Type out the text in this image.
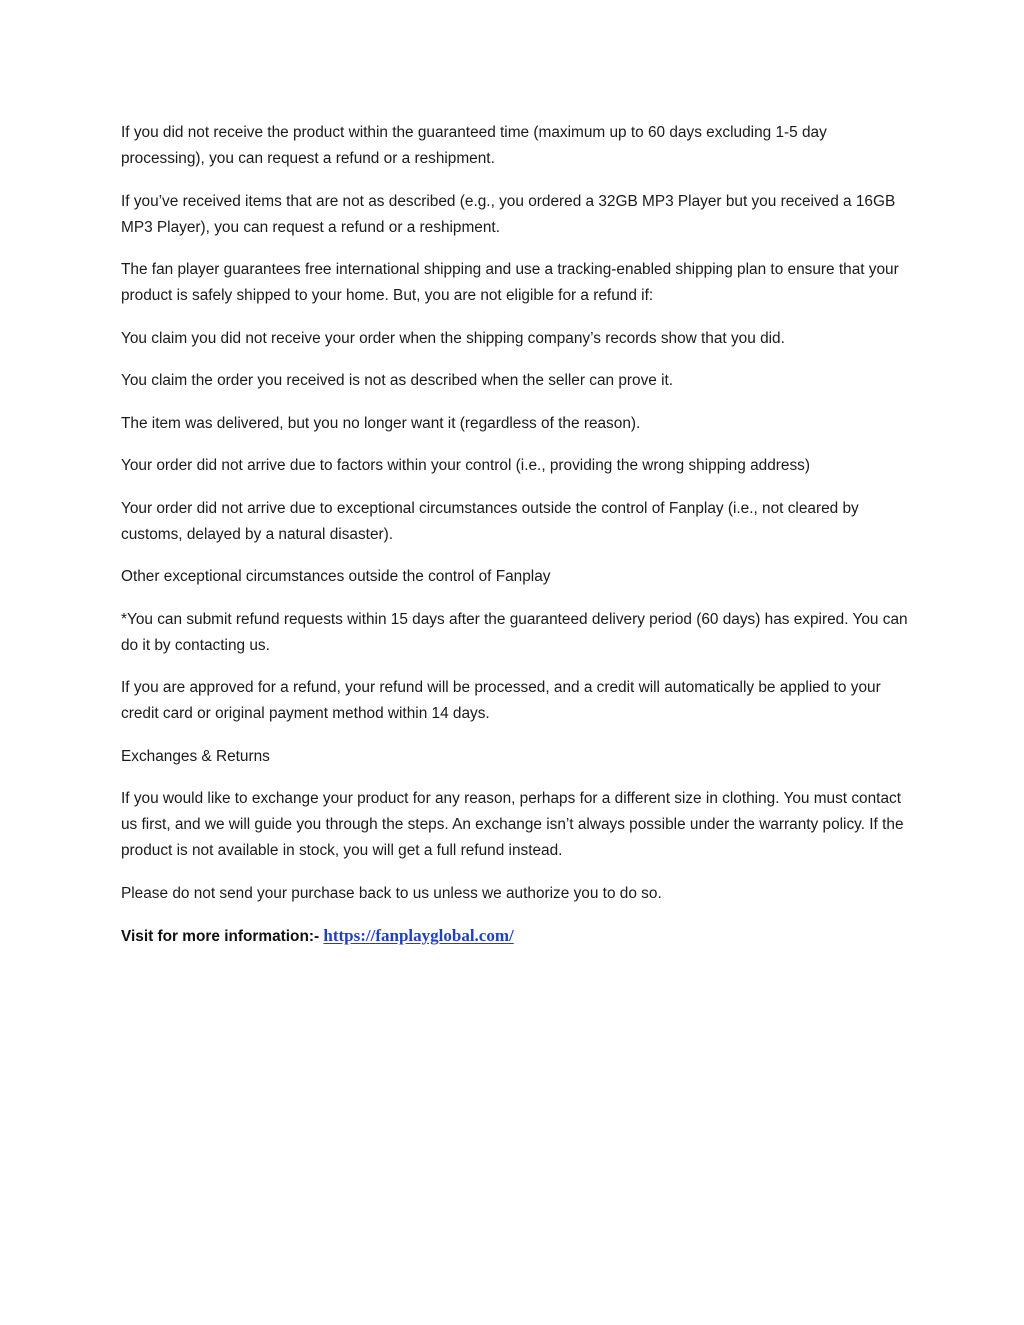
If you did not receive the product within the guaranteed time (maximum up to 60 days excluding 1-5 day processing), you can request a refund or a reshipment.

If you’ve received items that are not as described (e.g., you ordered a 32GB MP3 Player but you received a 16GB MP3 Player), you can request a refund or a reshipment.

The fan player guarantees free international shipping and use a tracking-enabled shipping plan to ensure that your product is safely shipped to your home. But, you are not eligible for a refund if:

You claim you did not receive your order when the shipping company’s records show that you did.

You claim the order you received is not as described when the seller can prove it.

The item was delivered, but you no longer want it (regardless of the reason).

Your order did not arrive due to factors within your control (i.e., providing the wrong shipping address)

Your order did not arrive due to exceptional circumstances outside the control of Fanplay (i.e., not cleared by customs, delayed by a natural disaster).

Other exceptional circumstances outside the control of Fanplay

*You can submit refund requests within 15 days after the guaranteed delivery period (60 days) has expired. You can do it by contacting us.

If you are approved for a refund, your refund will be processed, and a credit will automatically be applied to your credit card or original payment method within 14 days.

Exchanges & Returns

If you would like to exchange your product for any reason, perhaps for a different size in clothing. You must contact us first, and we will guide you through the steps. An exchange isn’t always possible under the warranty policy. If the product is not available in stock, you will get a full refund instead.

Please do not send your purchase back to us unless we authorize you to do so.

Visit for more information:- https://fanplayglobal.com/
